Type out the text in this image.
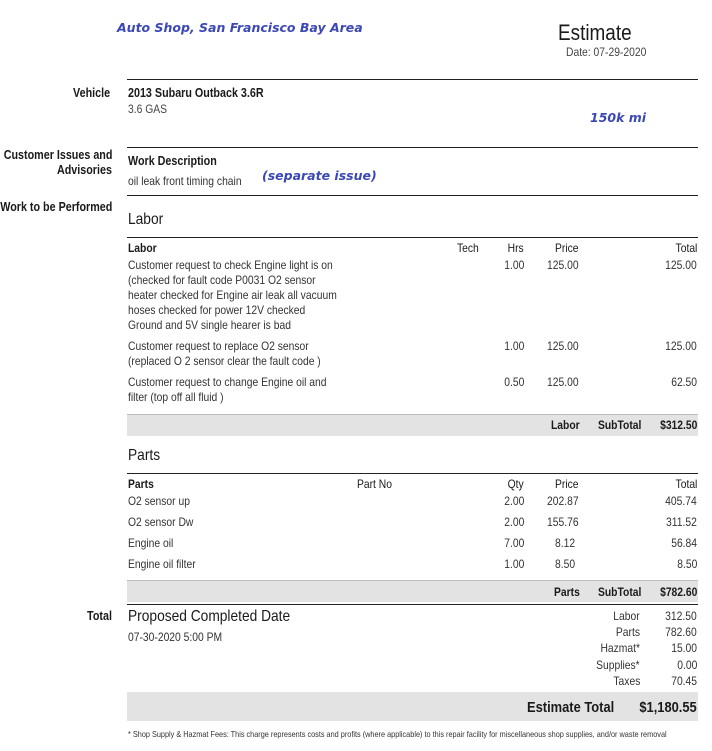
Auto Shop, San Francisco Bay Area	Estimate
Date: 07-29-2020
Vehicle 2013 Subaru Outback 3.6R
3.6 GAS
150k mi
Customer Issues and
Advisories
Work Description
oil leak front timing chain (separate issue)
Work to be Performed
Labor
Labor	Tech Hrs	Price	Total
Customer request to check Engine light is on
(checked for fault code P0031 O2 sensor
heater checked for Engine air leak all vacuum
hoses checked for power 12V checked
Ground and 5V single hearer is bad
1.00 125.00	125.00
Customer request to replace O2 sensor
(replaced O 2 sensor clear the fault code )
1.00 125.00	125.00
Customer request to change Engine oil and
filter (top off all fluid )
0.50 125.00	62.50
Labor SubTotal $312.50
Parts
Parts	Part No	Qty	Price	Total
O2 sensor up	2.00 202.87	405.74
O2 sensor Dw	2.00 155.76	311.52
Engine oil	7.00	8.12	56.84
Engine oil filter	1.00	8.50	8.50
Parts SubTotal $782.60
Total Proposed Completed Date
07-30-2020 5:00 PM
Labor 312.50
Parts 782.60
Hazmat*	15.00
Supplies*	0.00
Taxes	70.45
Estimate Total $1,180.55
* Shop Supply & Hazmat Fees: This charge represents costs and profits (where applicable) to this repair facility for miscellaneous shop supplies, and/or waste removal
